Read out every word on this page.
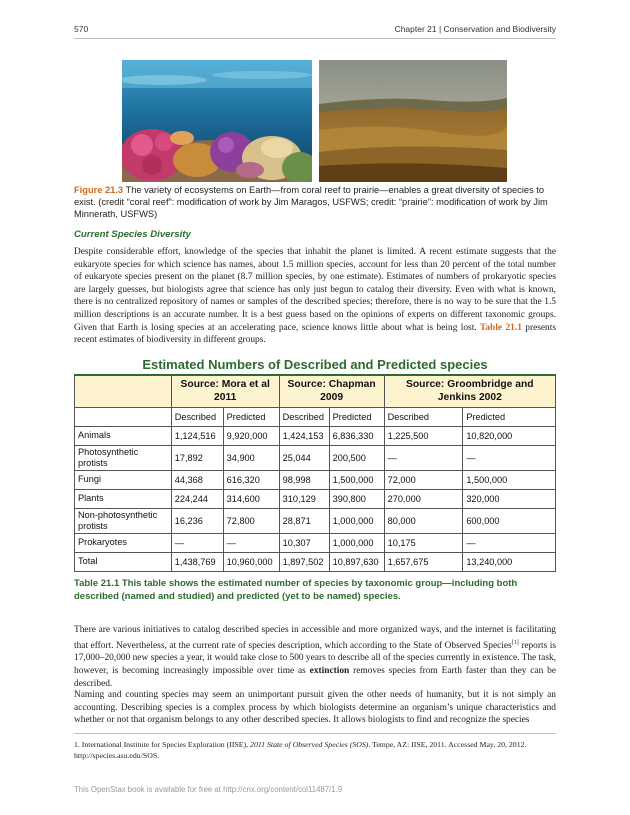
570	Chapter 21 | Conservation and Biodiversity
Figure 21.3 The variety of ecosystems on Earth—from coral reef to prairie—enables a great diversity of species to exist. (credit “coral reef”: modification of work by Jim Maragos, USFWS; credit: “prairie”: modification of work by Jim Minnerath, USFWS)
Current Species Diversity
Despite considerable effort, knowledge of the species that inhabit the planet is limited. A recent estimate suggests that the eukaryote species for which science has names, about 1.5 million species, account for less than 20 percent of the total number of eukaryote species present on the planet (8.7 million species, by one estimate). Estimates of numbers of prokaryotic species are largely guesses, but biologists agree that science has only just begun to catalog their diversity. Even with what is known, there is no centralized repository of names or samples of the described species; therefore, there is no way to be sure that the 1.5 million descriptions is an accurate number. It is a best guess based on the opinions of experts on different taxonomic groups. Given that Earth is losing species at an accelerating pace, science knows little about what is being lost. Table 21.1 presents recent estimates of biodiversity in different groups.
Estimated Numbers of Described and Predicted species
	Source: Mora et al 2011		Source: Chapman 2009		Source: Groombridge and Jenkins 2002	
	Described	Predicted	Described	Predicted	Described	Predicted
Animals	1,124,516	9,920,000	1,424,153	6,836,330	1,225,500	10,820,000
Photosynthetic protists	17,892	34,900	25,044	200,500	—	—
Fungi	44,368	616,320	98,998	1,500,000	72,000	1,500,000
Plants	224,244	314,600	310,129	390,800	270,000	320,000
Non-photosynthetic protists	16,236	72,800	28,871	1,000,000	80,000	600,000
Prokaryotes	—	—	10,307	1,000,000	10,175	—
Total	1,438,769	10,960,000	1,897,502	10,897,630	1,657,675	13,240,000
Table 21.1 This table shows the estimated number of species by taxonomic group—including both described (named and studied) and predicted (yet to be named) species.
There are various initiatives to catalog described species in accessible and more organized ways, and the internet is facilitating that effort. Nevertheless, at the current rate of species description, which according to the State of Observed Species[1] reports is 17,000–20,000 new species a year, it would take close to 500 years to describe all of the species currently in existence. The task, however, is becoming increasingly impossible over time as extinction removes species from Earth faster than they can be described.
Naming and counting species may seem an unimportant pursuit given the other needs of humanity, but it is not simply an accounting. Describing species is a complex process by which biologists determine an organism’s unique characteristics and whether or not that organism belongs to any other described species. It allows biologists to find and recognize the species
1. International Institute for Species Exploration (IISE), 2011 State of Observed Species (SOS). Tempe, AZ: IISE, 2011. Accessed May, 20, 2012.
http://species.asu.edu/SOS.
This OpenStax book is available for free at http://cnx.org/content/col11487/1.9
